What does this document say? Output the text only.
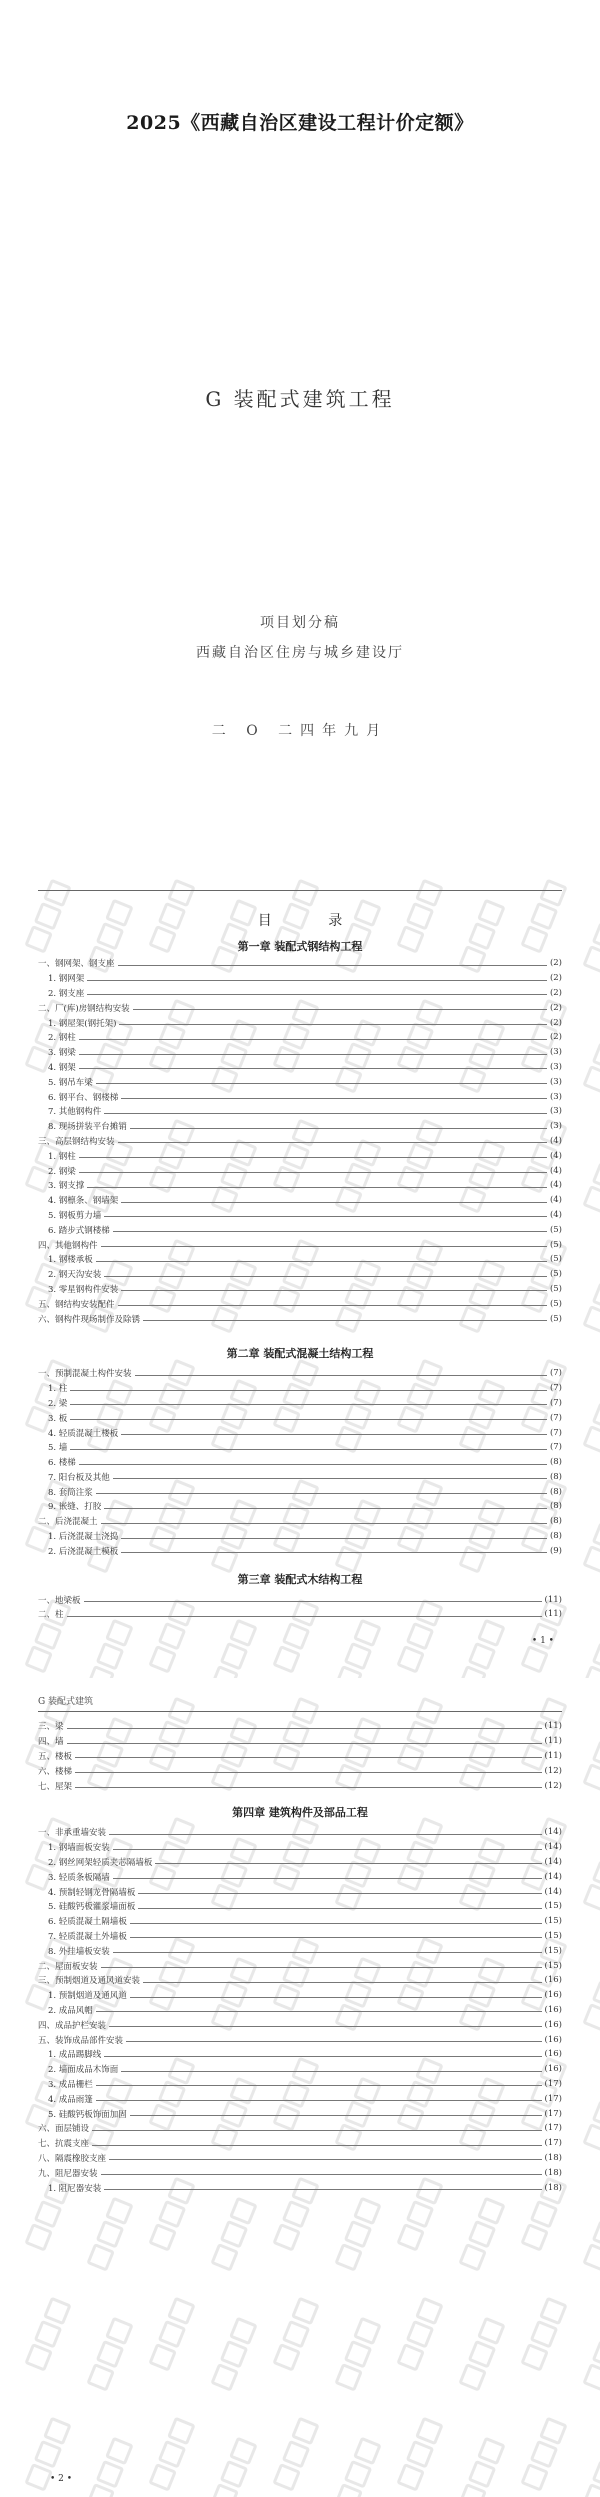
2025《西藏自治区建设工程计价定额》
G 装配式建筑工程
项目划分稿
西藏自治区住房与城乡建设厅
二 O 二四年九月
目 录
第一章 装配式钢结构工程
一、钢网架、钢支座	(2)
1. 钢网架	(2)
2. 钢支座	(2)
二、厂(库)房钢结构安装	(2)
1. 钢屋架(钢托架)	(2)
2. 钢柱	(2)
3. 钢梁	(3)
4. 钢架	(3)
5. 钢吊车梁	(3)
6. 钢平台、钢楼梯	(3)
7. 其他钢构件	(3)
8. 现场拼装平台摊销	(3)
三、高层钢结构安装	(4)
1. 钢柱	(4)
2. 钢梁	(4)
3. 钢支撑	(4)
4. 钢檩条、钢墙架	(4)
5. 钢板剪力墙	(4)
6. 踏步式钢楼梯	(5)
四、其他钢构件	(5)
1. 钢楼承板	(5)
2. 钢天沟安装	(5)
3. 零星钢构件安装	(5)
五、钢结构安装配件	(5)
六、钢构件现场制作及除锈	(5)
第二章 装配式混凝土结构工程
一、预制混凝土构件安装	(7)
1. 柱	(7)
2. 梁	(7)
3. 板	(7)
4. 轻质混凝土楼板	(7)
5. 墙	(7)
6. 楼梯	(8)
7. 阳台板及其他	(8)
8. 套筒注浆	(8)
9. 嵌缝、打胶	(8)
二、后浇混凝土	(8)
1. 后浇混凝土浇捣	(8)
2. 后浇混凝土模板	(9)
第三章 装配式木结构工程
一、地梁板	(11)
二、柱	(11)
• 1 •
G 装配式建筑
三、梁	(11)
四、墙	(11)
五、楼板	(11)
六、楼梯	(12)
七、屋架	(12)
第四章 建筑构件及部品工程
一、非承重墙安装	(14)
1. 钢墙面板安装	(14)
2. 钢丝网架轻质夹芯隔墙板	(14)
3. 轻质条板隔墙	(14)
4. 预制轻钢龙骨隔墙板	(14)
5. 硅酸钙板灌浆墙面板	(15)
6. 轻质混凝土隔墙板	(15)
7. 轻质混凝土外墙板	(15)
8. 外挂墙板安装	(15)
二、屋面板安装	(15)
三、预制烟道及通风道安装	(16)
1. 预制烟道及通风道	(16)
2. 成品风帽	(16)
四、成品护栏安装	(16)
五、装饰成品部件安装	(16)
1. 成品踢脚线	(16)
2. 墙面成品木饰面	(16)
3. 成品栅栏	(17)
4. 成品雨篷	(17)
5. 硅酸钙板饰面加固	(17)
六、面层铺设	(17)
七、抗震支座	(17)
八、隔震橡胶支座	(18)
九、阻尼器安装	(18)
1. 阻尼器安装	(18)
• 2 •
